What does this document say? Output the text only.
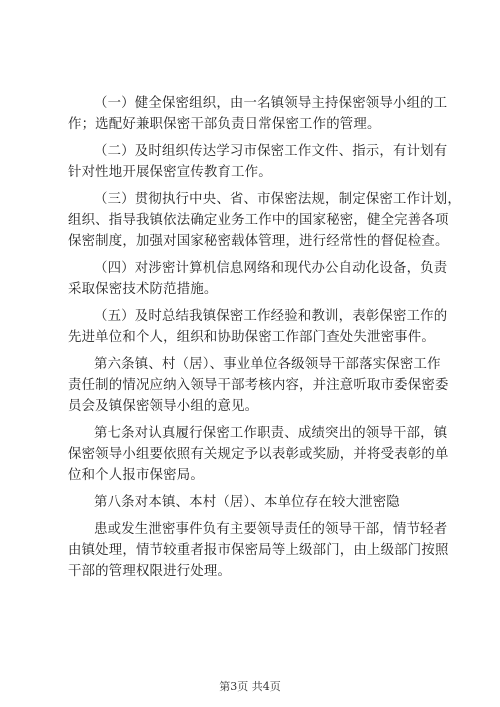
（一）健全保密组织，由一名镇领导主持保密领导小组的工
作；选配好兼职保密干部负责日常保密工作的管理。
（二）及时组织传达学习市保密工作文件、指示，有计划有
针对性地开展保密宣传教育工作。
（三）贯彻执行中央、省、市保密法规，制定保密工作计划，
组织、指导我镇依法确定业务工作中的国家秘密，健全完善各项
保密制度，加强对国家秘密载体管理，进行经常性的督促检查。
（四）对涉密计算机信息网络和现代办公自动化设备，负责
采取保密技术防范措施。
（五）及时总结我镇保密工作经验和教训，表彰保密工作的
先进单位和个人，组织和协助保密工作部门查处失泄密事件。
第六条镇、村（居）、事业单位各级领导干部落实保密工作
责任制的情况应纳入领导干部考核内容，并注意听取市委保密委
员会及镇保密领导小组的意见。
第七条对认真履行保密工作职责、成绩突出的领导干部，镇
保密领导小组要依照有关规定予以表彰或奖励，并将受表彰的单
位和个人报市保密局。
第八条对本镇、本村（居）、本单位存在较大泄密隐
患或发生泄密事件负有主要领导责任的领导干部，情节轻者
由镇处理，情节较重者报市保密局等上级部门，由上级部门按照
干部的管理权限进行处理。
第3页 共4页
